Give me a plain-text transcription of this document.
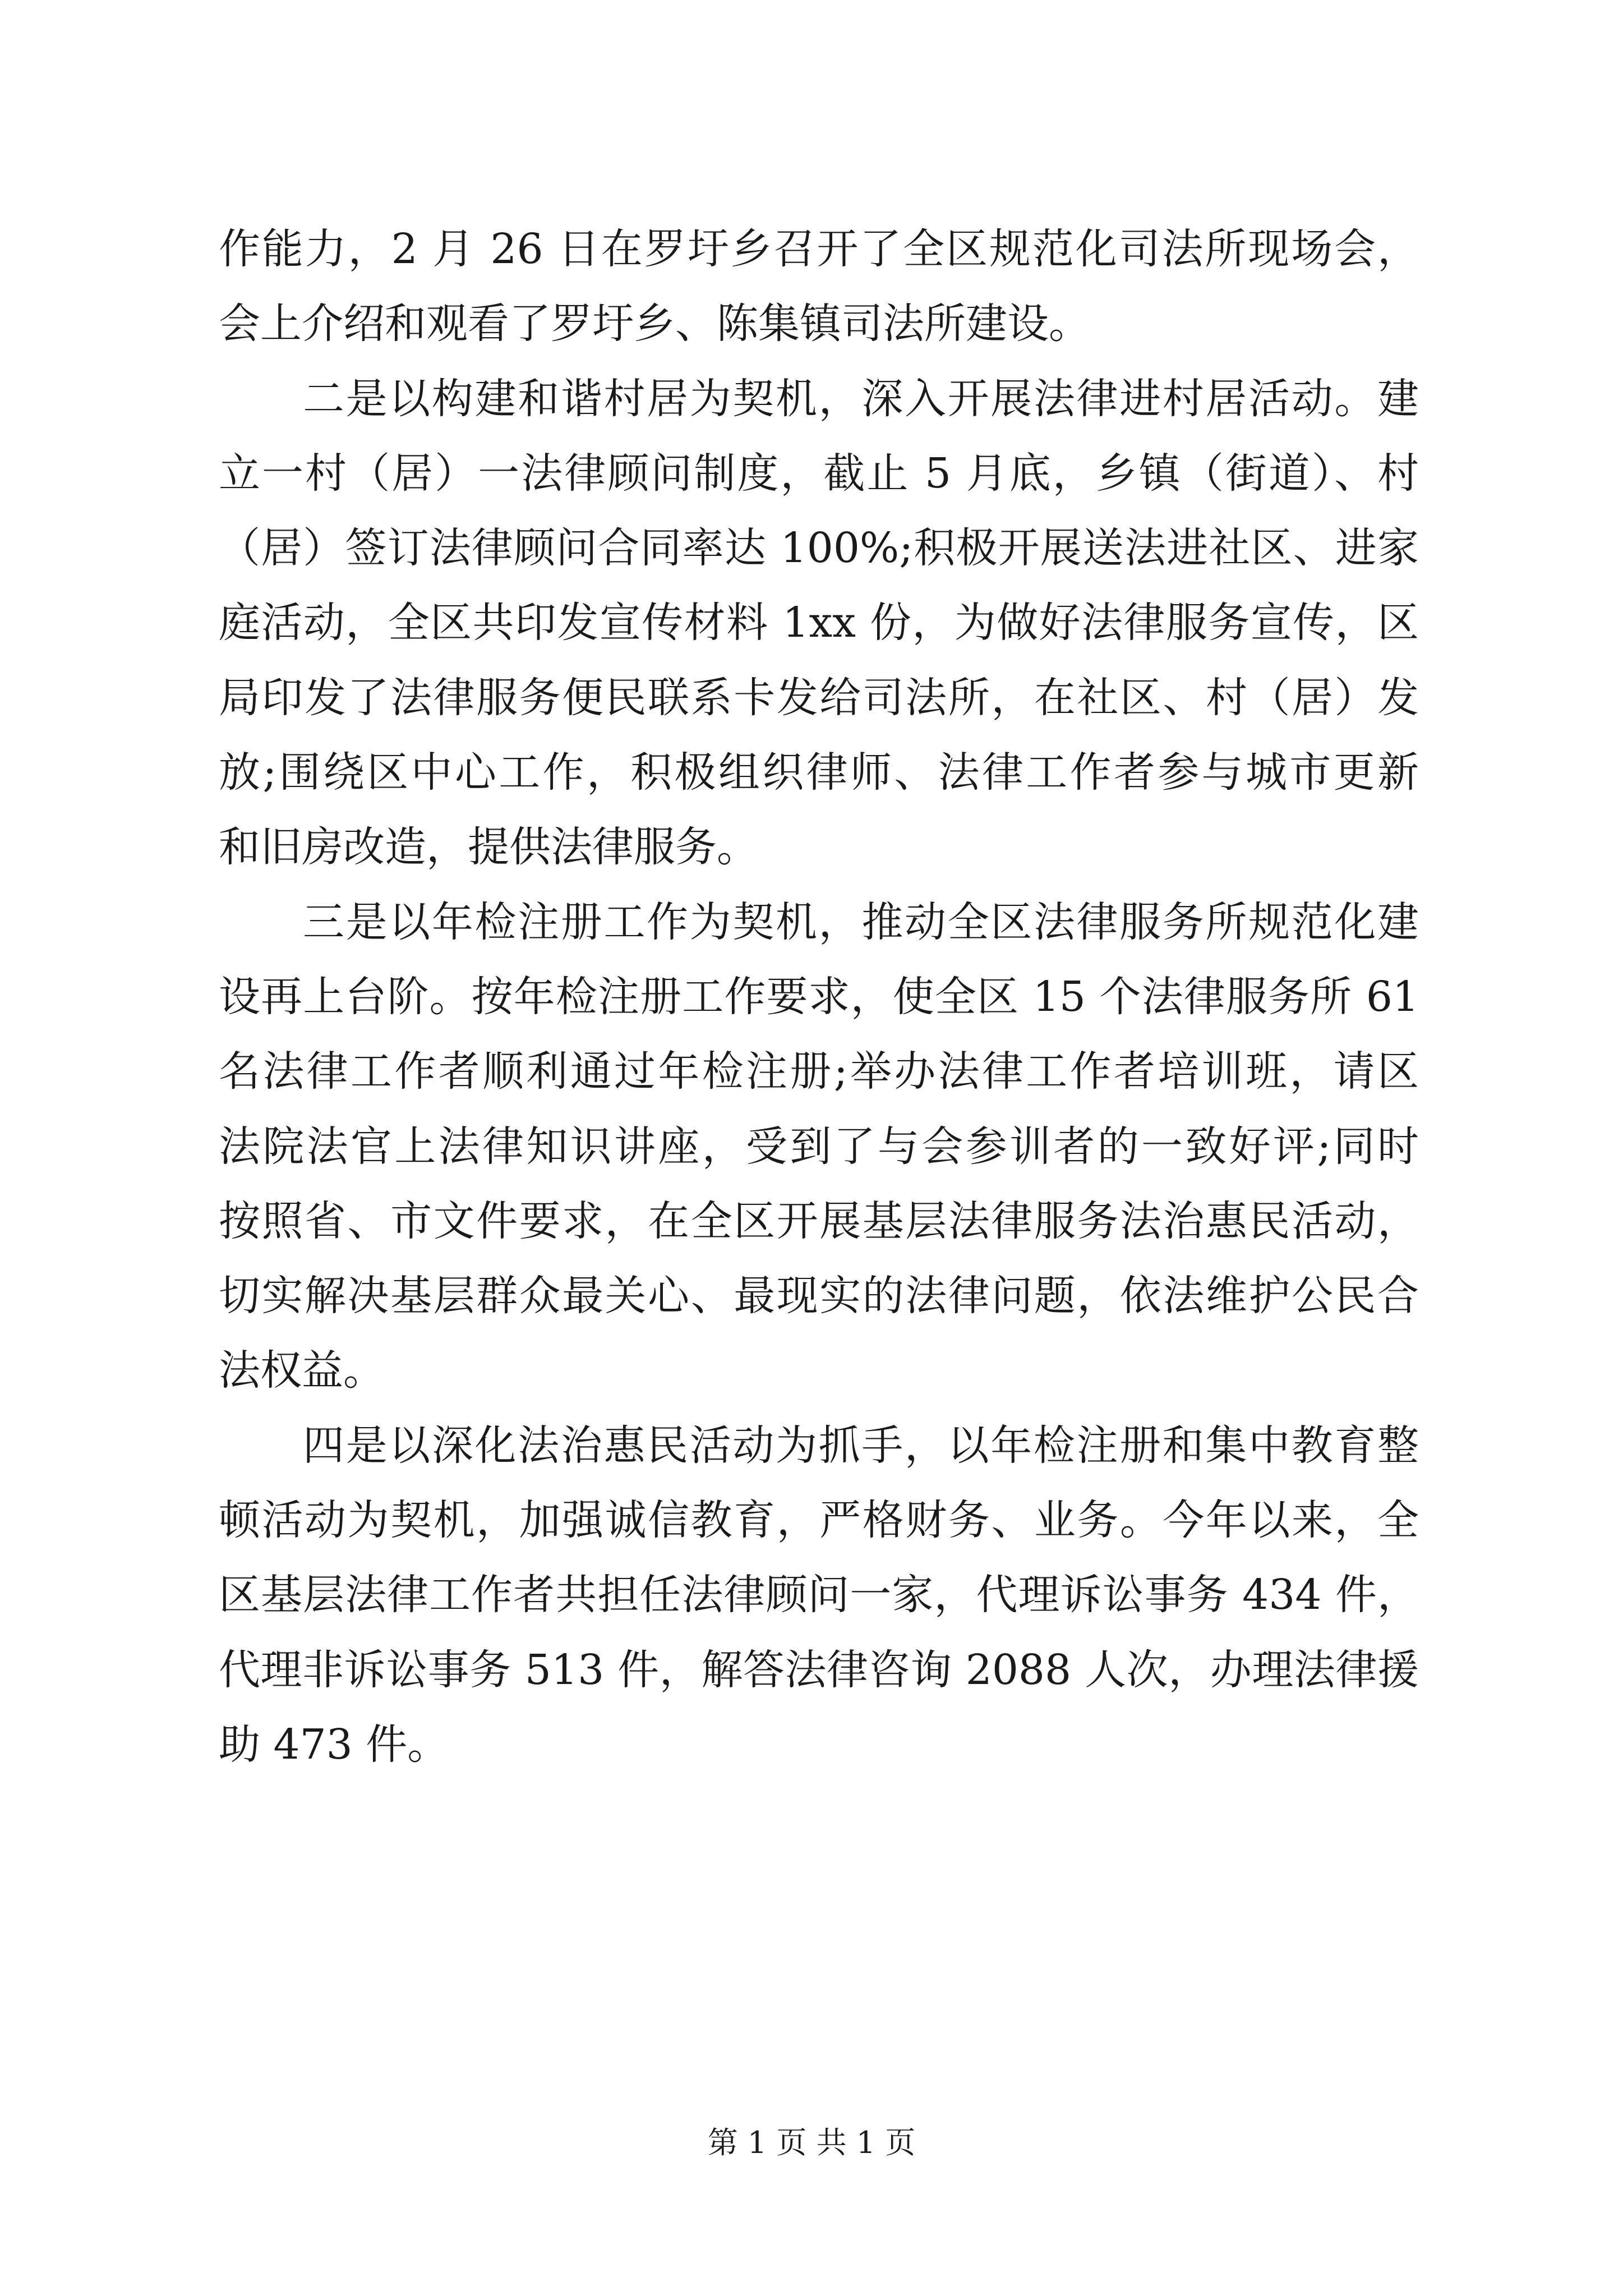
作能力，2 月 26 日在罗圩乡召开了全区规范化司法所现场会，
会上介绍和观看了罗圩乡、陈集镇司法所建设。
二是以构建和谐村居为契机，深入开展法律进村居活动。建
立一村（居）一法律顾问制度，截止 5 月底，乡镇（街道）、村
（居）签订法律顾问合同率达 100%;积极开展送法进社区、进家
庭活动，全区共印发宣传材料 1xx 份，为做好法律服务宣传，区
局印发了法律服务便民联系卡发给司法所，在社区、村（居）发
放;围绕区中心工作，积极组织律师、法律工作者参与城市更新
和旧房改造，提供法律服务。
三是以年检注册工作为契机，推动全区法律服务所规范化建
设再上台阶。按年检注册工作要求，使全区 15 个法律服务所 61
名法律工作者顺利通过年检注册;举办法律工作者培训班，请区
法院法官上法律知识讲座，受到了与会参训者的一致好评;同时
按照省、市文件要求，在全区开展基层法律服务法治惠民活动，
切实解决基层群众最关心、最现实的法律问题，依法维护公民合
法权益。
四是以深化法治惠民活动为抓手，以年检注册和集中教育整
顿活动为契机，加强诚信教育，严格财务、业务。今年以来，全
区基层法律工作者共担任法律顾问一家，代理诉讼事务 434 件，
代理非诉讼事务 513 件，解答法律咨询 2088 人次，办理法律援
助 473 件。
第 1 页 共 1 页
